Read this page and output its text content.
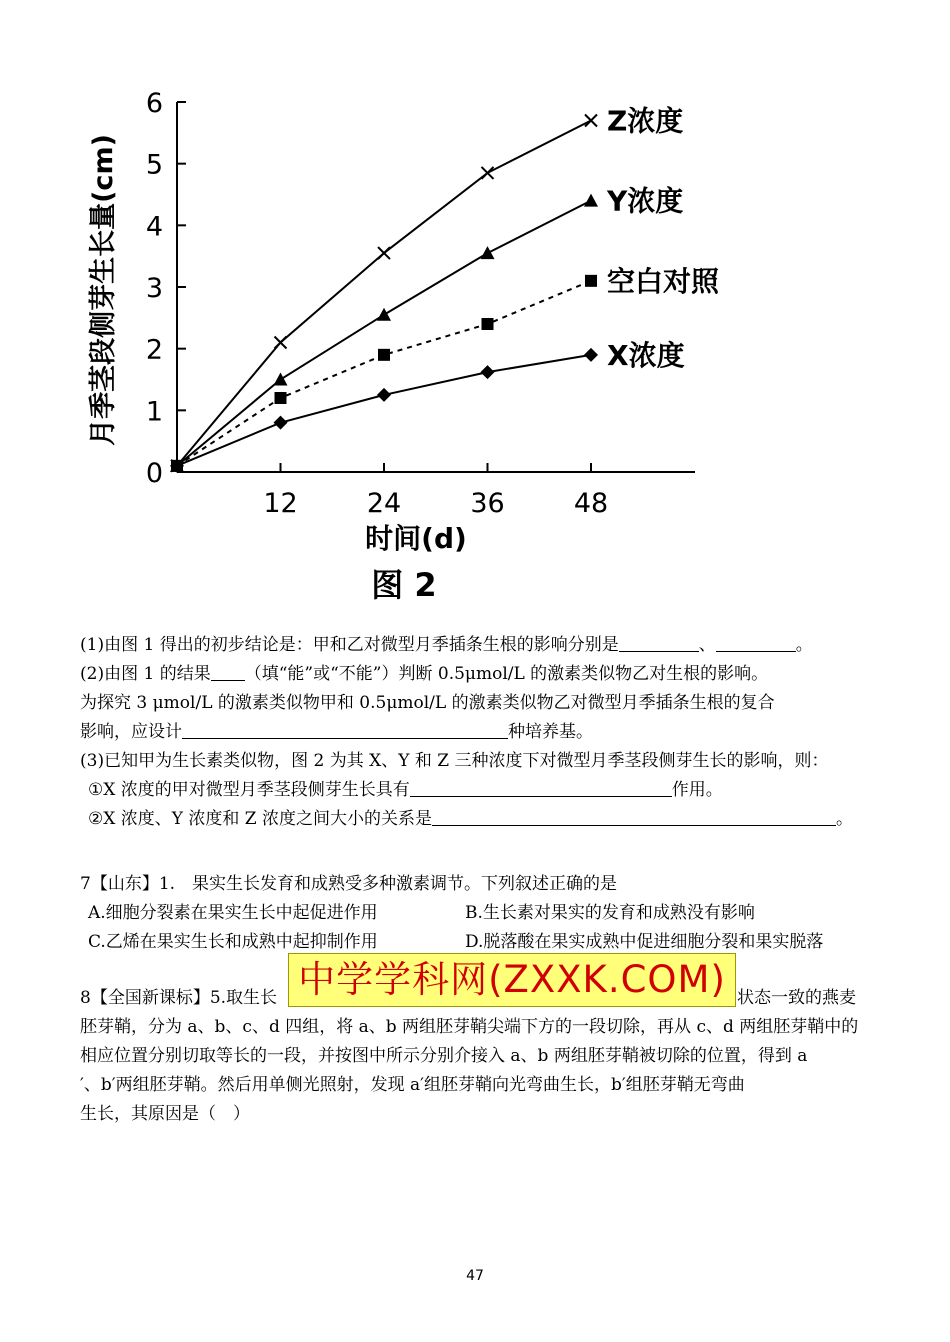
0
1
2
3
4
5
6
12	24	36	48
Z浓度
Y浓度
空白对照
X浓度
月季茎段侧芽生长量(cm)
时间(d)
图 2
(1)由图 1 得出的初步结论是：甲和乙对微型月季插条生根的影响分别是	、	。
(2)由图 1 的结果 （填“能”或“不能”）判断 0.5μmol/L 的激素类似物乙对生根的影响。
为探究 3 μmol/L 的激素类似物甲和 0.5μmol/L 的激素类似物乙对微型月季插条生根的复合
影响，应设计	种培养基。
(3)已知甲为生长素类似物，图 2 为其 X、Y 和 Z 三种浓度下对微型月季茎段侧芽生长的影响，则：
①X 浓度的甲对微型月季茎段侧芽生长具有	作用。
②X 浓度、Y 浓度和 Z 浓度之间大小的关系是	。
7【山东】1.　果实生长发育和成熟受多种激素调节。下列叙述正确的是
A.细胞分裂素在果实生长中起促进作用	B.生长素对果实的发育和成熟没有影响
C.乙烯在果实生长和成熟中起抑制作用	D.脱落酸在果实成熟中促进细胞分裂和果实脱落
8【全国新课标】5.取生长	状态一致的燕麦
胚芽鞘，分为 a、b、c、d 四组，将 a、b 两组胚芽鞘尖端下方的一段切除，再从 c、d 两组胚芽鞘中的
相应位置分别切取等长的一段，并按图中所示分别介接入 a、b 两组胚芽鞘被切除的位置，得到 a
′、b′两组胚芽鞘。然后用单侧光照射，发现 a′组胚芽鞘向光弯曲生长，b′组胚芽鞘无弯曲
生长，其原因是（　）
中学学科网(ZXXK.COM)
47
